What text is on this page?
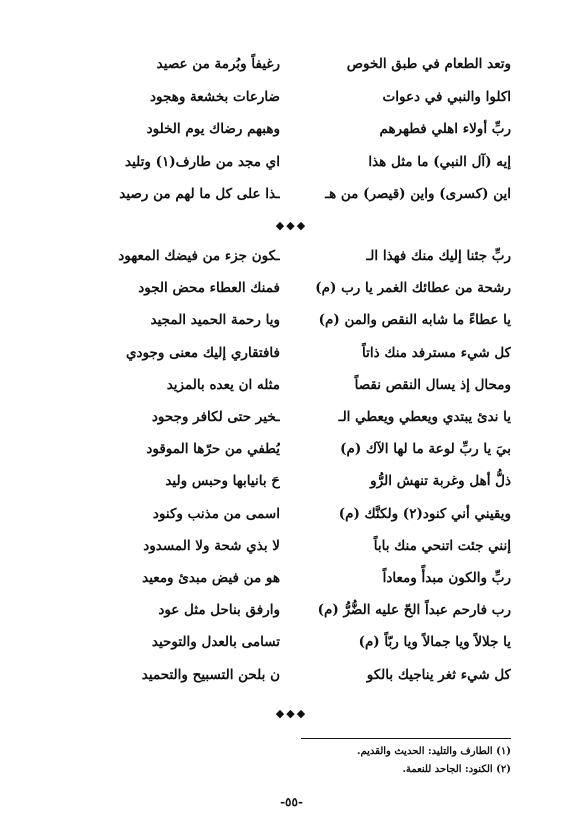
وتعد الطعام في طبق الخوص
رغيفاً وبُرمة من عصيد
اكلوا والنبي في دعوات
ضارعات بخشعة وهجود
ربِّ أولاء اهلي فطهرهم
وهبهم رضاك يوم الخلود
إيه (آل النبي) ما مثل هذا
اي مجد من طارف(١) وتليد
اين (كسرى) واين (قيصر) من هـ
ـذا على كل ما لهم من رصيد
◆◆◆
ربِّ جئنا إليك منك فهذا الـ
ـكون جزء من فيضك المعهود
رشحة من عطائك الغمر يا رب (م)
فمنك العطاء محض الجود
يا عطاءً ما شابه النقص والمن (م)
ويا رحمة الحميد المجيد
كل شيء مسترفد منك ذاتاً
فافتقاري إليك معنى وجودي
ومحال إذ يسال النقص نقصاً
مثله ان يعده بالمزيد
يا ندئ يبتدي ويعطي ويعطي الـ
ـخير حتى لكافر وجحود
بيَ يا ربِّ لوعة ما لها الآك (م)
يُطفي من حرّها الموقود
ذلُّ أهل وغربة تنهش الرُّو
حَ بانيابها وحبس وليد
ويقيني أني كنود(٢) ولكنَّك (م)
اسمى من مذنب وكنود
إنني جئت اتنحي منك باباً
لا بذي شحة ولا المسدود
ربِّ والكون مبدأً ومعاداً
هو من فيض مبدئ ومعيد
رب فارحم عبداً الحّ عليه الضُّرُّ (م)
وارفق بناحل مثل عود
يا جلالاً ويا جمالاً ويا ربّاً (م)
تسامى بالعدل والتوحيد
كل شيء ثغر يناجيك بالكو
ن بلحن التسبيح والتحميد
◆◆◆
(١) الطارف والتليد: الحديث والقديم.
(٢) الكنود: الجاحد للنعمة.
-٥٥-
